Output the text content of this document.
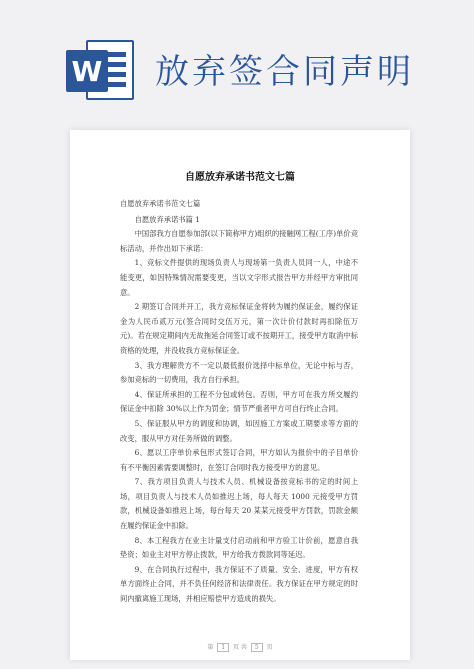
W 放弃签合同声明
自愿放弃承诺书范文七篇

自愿放弃承诺书范文七篇

自愿放弃承诺书篇 1

中国部我方自愿参加部(以下简称甲方)组织的接触网工程(工序)单价竞标活动，并作出如下承诺：

1、竞标文件提供的现场负责人与现场第一负责人员同一人，中途不能变更，如因特殊情况需要变更，当以文字形式报告甲方并经甲方审批同意。

2 期签订合同并开工，我方竞标保证金将转为履约保证金，履约保证金为人民币贰万元(签合同时交伍万元，第一次计价付款时再扣除伍万元)。若在规定期间内无故拖延合同签订或不按期开工，接受甲方取消中标资格的处理，并没收我方竞标保证金。

3、我方理解贵方不一定以最低报价选择中标单位，无论中标与否，参加竞标的一切费用，我方自行承担。

4、保证所承担的工程不分包或转包。否则，甲方可在我方所交履约保证金中扣除 30%以上作为罚金；情节严重者甲方可自行终止合同。

5、保证服从甲方的调度和协调，如因施工方案或工期要求等方面的改变，服从甲方对任务所做的调整。

6、愿以工序单价承包形式签订合同，甲方如认为报价中的子目单价有不平衡因素需要调整时，在签订合同时我方接受甲方的意见。

7、我方项目负责人与技术人员、机械设备按竞标书的定的时间上场，项目负责人与技术人员如推迟上场，每人每天 1000 元接受甲方罚款，机械设备如推迟上场，每台每天 20 某某元接受甲方罚款，罚款金额在履约保证金中扣除。

8、本工程我方在业主计量支付启动前和甲方验工计价前，愿意自我垫资；如业主对甲方停止拨款，甲方给我方拨款同等延迟。

9、在合同执行过程中，我方保证不了质量、安全、进度，甲方有权单方面终止合同，并不负任何经济和法律责任。我方保证在甲方规定的时间内撤离施工现场，并相应赔偿甲方造成的损失。

第 1 页 共 5 页
